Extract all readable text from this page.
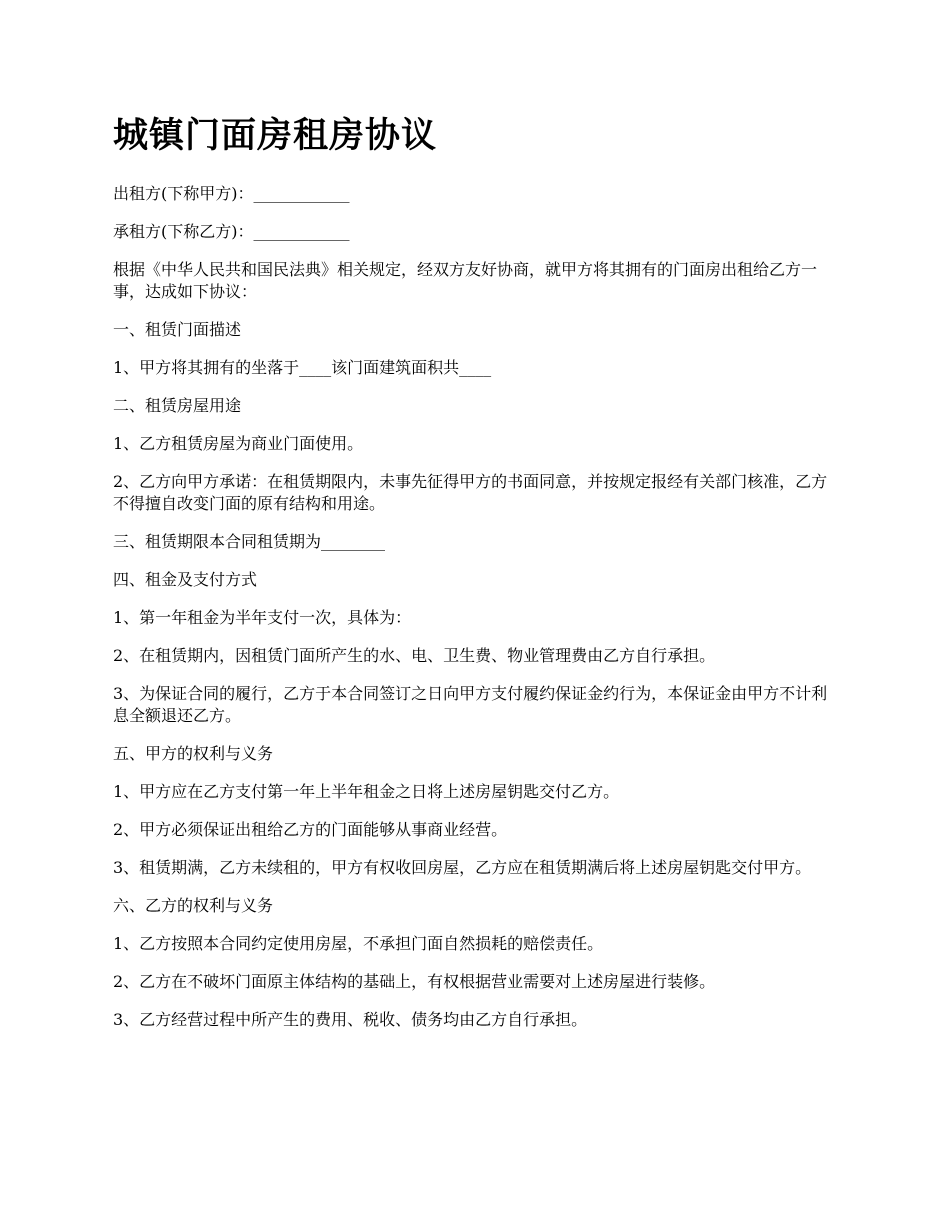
城镇门面房租房协议

出租方(下称甲方)：____________

承租方(下称乙方)：____________

根据《中华人民共和国民法典》相关规定，经双方友好协商，就甲方将其拥有的门面房出租给乙方一事，达成如下协议：

一、租赁门面描述

1、甲方将其拥有的坐落于____该门面建筑面积共____

二、租赁房屋用途

1、乙方租赁房屋为商业门面使用。

2、乙方向甲方承诺：在租赁期限内，未事先征得甲方的书面同意，并按规定报经有关部门核准，乙方不得擅自改变门面的原有结构和用途。

三、租赁期限本合同租赁期为________

四、租金及支付方式

1、第一年租金为半年支付一次，具体为：

2、在租赁期内，因租赁门面所产生的水、电、卫生费、物业管理费由乙方自行承担。

3、为保证合同的履行，乙方于本合同签订之日向甲方支付履约保证金约行为，本保证金由甲方不计利息全额退还乙方。

五、甲方的权利与义务

1、甲方应在乙方支付第一年上半年租金之日将上述房屋钥匙交付乙方。

2、甲方必须保证出租给乙方的门面能够从事商业经营。

3、租赁期满，乙方未续租的，甲方有权收回房屋，乙方应在租赁期满后将上述房屋钥匙交付甲方。

六、乙方的权利与义务

1、乙方按照本合同约定使用房屋，不承担门面自然损耗的赔偿责任。

2、乙方在不破坏门面原主体结构的基础上，有权根据营业需要对上述房屋进行装修。

3、乙方经营过程中所产生的费用、税收、债务均由乙方自行承担。
